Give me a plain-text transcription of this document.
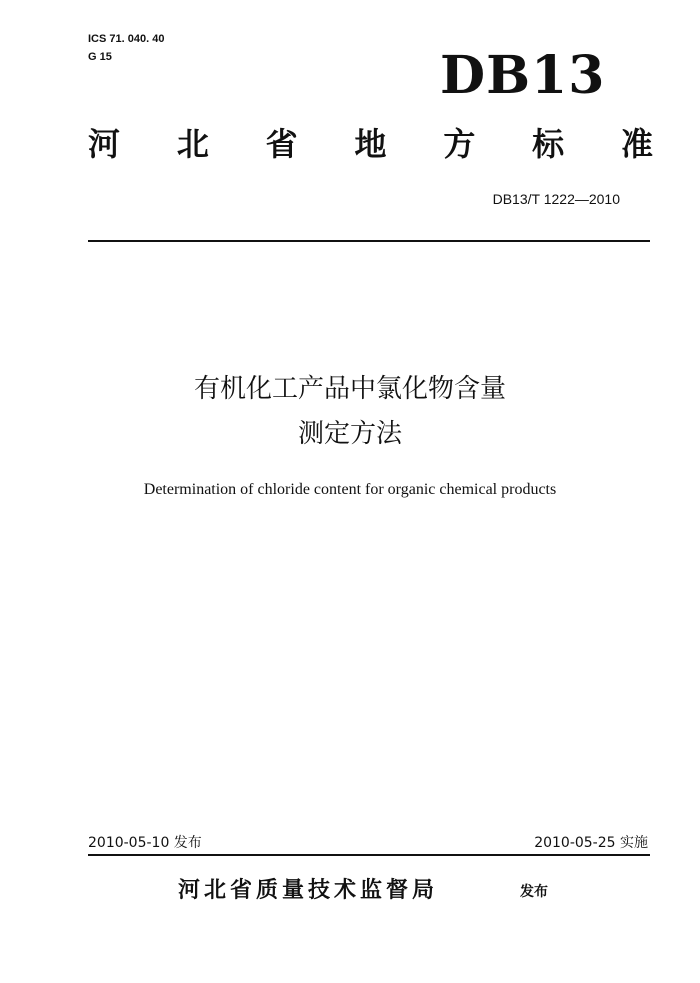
ICS 71. 040. 40
G 15	DB13
河 北 省 地 方 标 准
DB13/T 1222—2010
有机化工产品中氯化物含量
测定方法
Determination of chloride content for organic chemical products
2010-05-10 发布	2010-05-25 实施
河北省质量技术监督局	发布
